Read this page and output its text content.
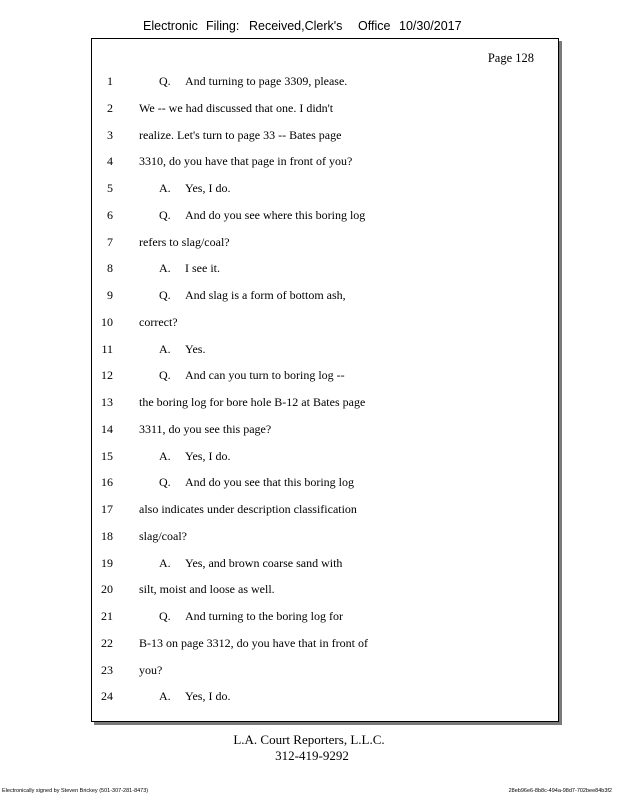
Electronic Filing: Received,Clerk's Office 10/30/2017
Page 128
1	Q. And turning to page 3309, please.
2 We -- we had discussed that one. I didn't
3 realize. Let's turn to page 33 -- Bates page
4 3310, do you have that page in front of you?
5	A. Yes, I do.
6	Q. And do you see where this boring log
7 refers to slag/coal?
8	A. I see it.
9	Q. And slag is a form of bottom ash,
10 correct?
11	A. Yes.
12	Q. And can you turn to boring log --
13 the boring log for bore hole B-12 at Bates page
14 3311, do you see this page?
15	A. Yes, I do.
16	Q. And do you see that this boring log
17 also indicates under description classification
18 slag/coal?
19	A. Yes, and brown coarse sand with
20 silt, moist and loose as well.
21	Q. And turning to the boring log for
22 B-13 on page 3312, do you have that in front of
23 you?
24	A. Yes, I do.
L.A. Court Reporters, L.L.C.
312-419-9292
Electronically signed by Steven Brickey (501-307-281-8473)	28eb96e6-8b8c-494a-98d7-702bee84b3f2
